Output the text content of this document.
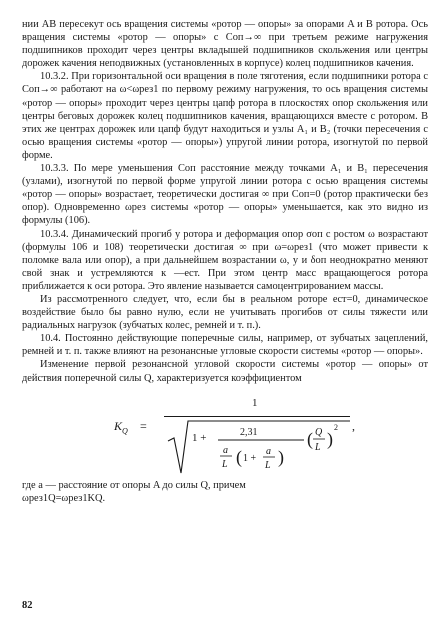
нии AB пересекут ось вращения системы «ротор — опоры» за опорами A и B ротора. Ось вращения системы «ротор — опоры» с Cоп→∞ при третьем режиме нагружения подшипников проходит через центры вкладышей подшипников скольжения или центры дорожек качения неподвижных (установленных в корпусе) колец подшипников качения.

10.3.2. При горизонтальной оси вращения в поле тяготения, если подшипники ротора с Cоп→∞ работают на ω<ωрез1 по первому режиму нагружения, то ось вращения системы «ротор — опоры» проходит через центры цапф ротора в плоскостях опор скольжения или центры беговых дорожек колец подшипников качения, вращающихся вместе с ротором. В этих же центрах дорожек или цапф будут находиться и узлы A₁ и B₂ (точки пересечения с осью вращения системы «ротор — опоры») упругой линии ротора, изогнутой по первой форме.

10.3.3. По мере уменьшения Cоп расстояние между точками A₁ и B₁ пересечения (узлами), изогнутой по первой форме упругой линии ротора с осью вращения системы «ротор — опоры» возрастает, теоретически достигая ∞ при Cоп=0 (ротор практически без опор). Одновременно ωрез системы «ротор — опоры» уменьшается, как это видно из формулы (106).

10.3.4. Динамический прогиб y ротора и деформация опор σоп с ростом ω возрастают (формулы 106 и 108) теоретически достигая ∞ при ω=ωрез1 (что может привести к поломке вала или опор), а при дальнейшем возрастании ω, y и δоп неоднократно меняют свой знак и устремляются к —eст. При этом центр масс вращающегося ротора приближается к оси ротора. Это явление называется самоцентрированием массы.

Из рассмотренного следует, что, если бы в реальном роторе eст=0, динамическое воздействие было бы равно нулю, если не учитывать прогибов от силы тяжести или радиальных нагрузок (зубчатых колес, ремней и т. п.).

10.4. Постоянно действующие поперечные силы, например, от зубчатых зацеплений, ремней и т. п. также влияют на резонансные угловые скорости системы «ротор — опоры».

Изменение первой резонансной угловой скорости системы «ротор — опоры» от действия поперечной силы Q, характеризуется коэффициентом

$K_Q$ =
1
,
1 +	2,31
a
L ( 1 +
a
L )
( Q
L )
2

где a — расстояние от опоры A до силы Q, причем

ωрез1Q=ωрез1KQ.

82
